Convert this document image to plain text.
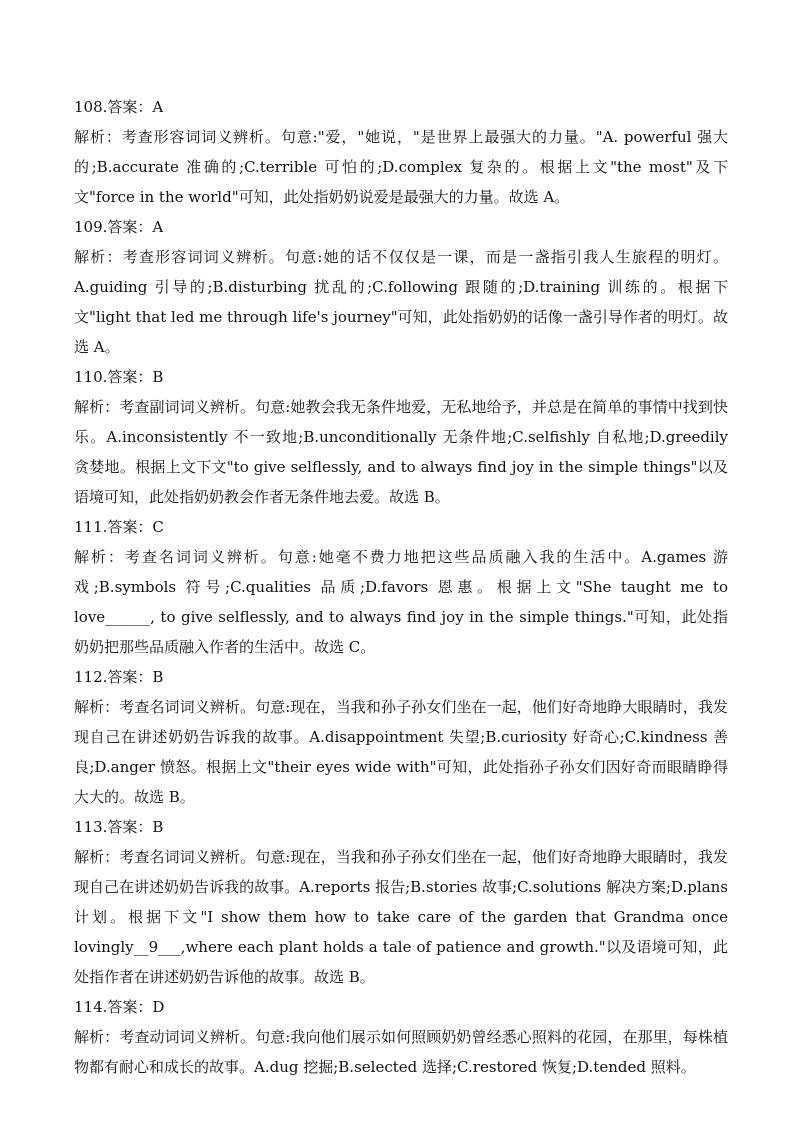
108.答案：A

解析：考查形容词词义辨析。句意:"爱，"她说，"是世界上最强大的力量。"A. powerful 强大的;B.accurate 准确的;C.terrible 可怕的;D.complex 复杂的。根据上文"the most"及下文"force in the world"可知，此处指奶奶说爱是最强大的力量。故选 A。

109.答案：A

解析：考查形容词词义辨析。句意:她的话不仅仅是一课，而是一盏指引我人生旅程的明灯。A.guiding 引导的;B.disturbing 扰乱的;C.following 跟随的;D.training 训练的。根据下文"light that led me through life's journey"可知，此处指奶奶的话像一盏引导作者的明灯。故选 A。

110.答案：B

解析：考查副词词义辨析。句意:她教会我无条件地爱，无私地给予，并总是在简单的事情中找到快乐。A.inconsistently 不一致地;B.unconditionally 无条件地;C.selfishly 自私地;D.greedily 贪婪地。根据上文下文"to give selflessly, and to always find joy in the simple things"以及语境可知，此处指奶奶教会作者无条件地去爱。故选 B。

111.答案：C

解析：考查名词词义辨析。句意:她毫不费力地把这些品质融入我的生活中。A.games 游戏;B.symbols 符号;C.qualities 品质;D.favors 恩惠。根据上文"She taught me to love______, to give selflessly, and to always find joy in the simple things."可知，此处指奶奶把那些品质融入作者的生活中。故选 C。

112.答案：B

解析：考查名词词义辨析。句意:现在，当我和孙子孙女们坐在一起，他们好奇地睁大眼睛时，我发现自己在讲述奶奶告诉我的故事。A.disappointment 失望;B.curiosity 好奇心;C.kindness 善良;D.anger 愤怒。根据上文"their eyes wide with"可知，此处指孙子孙女们因好奇而眼睛睁得大大的。故选 B。

113.答案：B

解析：考查名词词义辨析。句意:现在，当我和孙子孙女们坐在一起，他们好奇地睁大眼睛时，我发现自己在讲述奶奶告诉我的故事。A.reports 报告;B.stories 故事;C.solutions 解决方案;D.plans 计划。根据下文"I show them how to take care of the garden that Grandma once lovingly__9___,where each plant holds a tale of patience and growth."以及语境可知，此处指作者在讲述奶奶告诉他的故事。故选 B。

114.答案：D

解析：考查动词词义辨析。句意:我向他们展示如何照顾奶奶曾经悉心照料的花园，在那里，每株植物都有耐心和成长的故事。A.dug 挖掘;B.selected 选择;C.restored 恢复;D.tended 照料。
